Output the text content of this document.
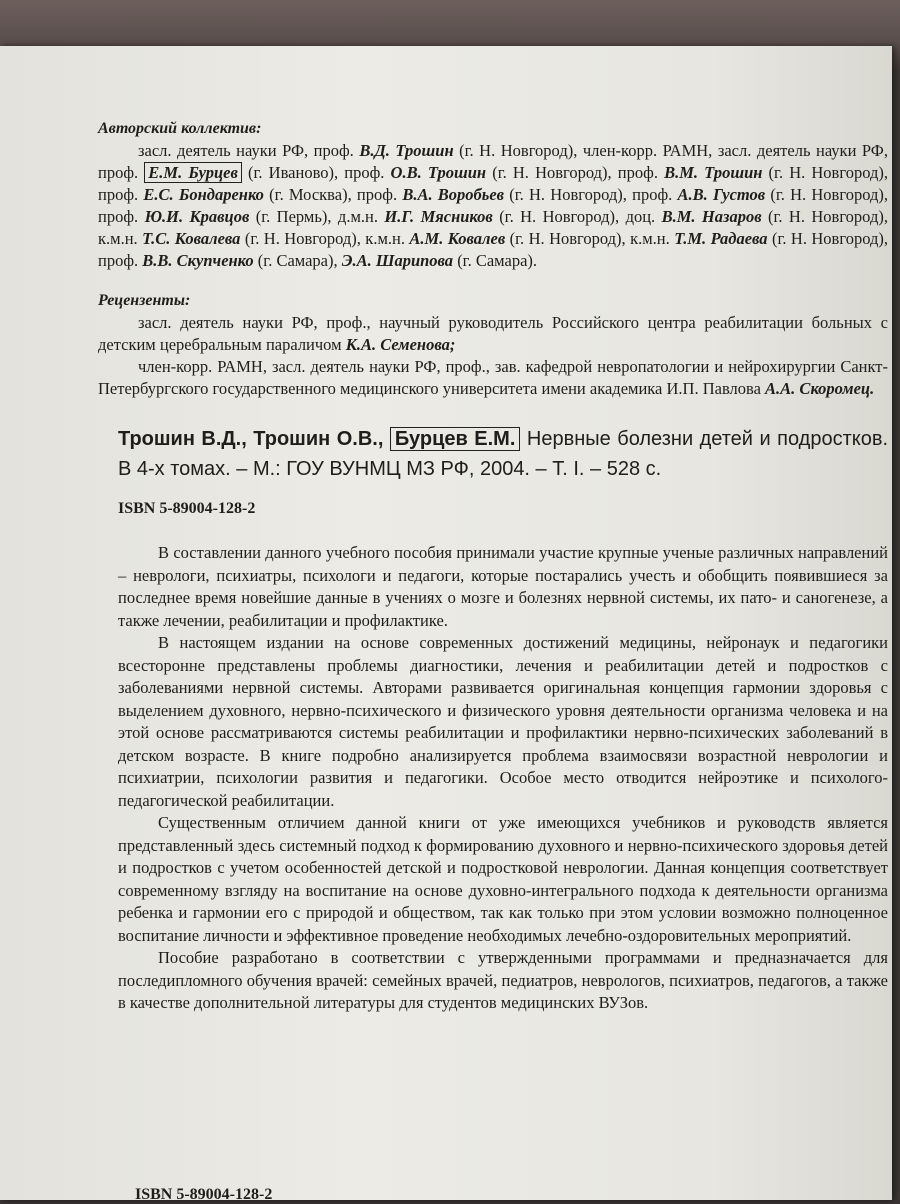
Авторский коллектив:

засл. деятель науки РФ, проф. В.Д. Трошин (г. Н. Новгород), член-корр. РАМН, засл. деятель науки РФ, проф. Е.М. Бурцев (г. Иваново), проф. О.В. Трошин (г. Н. Новгород), проф. В.М. Трошин (г. Н. Новгород), проф. Е.С. Бондаренко (г. Москва), проф. В.А. Воробьев (г. Н. Новгород), проф. А.В. Густов (г. Н. Новгород), проф. Ю.И. Кравцов (г. Пермь), д.м.н. И.Г. Мясников (г. Н. Новгород), доц. В.М. Назаров (г. Н. Новгород), к.м.н. Т.С. Ковалева (г. Н. Новгород), к.м.н. А.М. Ковалев (г. Н. Новгород), к.м.н. Т.М. Радаева (г. Н. Новгород), проф. В.В. Скупченко (г. Самара), Э.А. Шарипова (г. Самара).

Рецензенты:

засл. деятель науки РФ, проф., научный руководитель Российского центра реабилитации больных с детским церебральным параличом К.А. Семенова;

член-корр. РАМН, засл. деятель науки РФ, проф., зав. кафедрой невропатологии и нейрохирургии Санкт-Петербургского государственного медицинского университета имени академика И.П. Павлова А.А. Скоромец.

Трошин В.Д., Трошин О.В., Бурцев Е.М. Нервные болезни детей и подростков. В 4-х томах. – М.: ГОУ ВУНМЦ МЗ РФ, 2004. – Т. I. – 528 с.

ISBN 5-89004-128-2

В составлении данного учебного пособия принимали участие крупные ученые различных направлений – неврологи, психиатры, психологи и педагоги, которые постарались учесть и обобщить появившиеся за последнее время новейшие данные в учениях о мозге и болезнях нервной системы, их пато- и саногенезе, а также лечении, реабилитации и профилактике.

В настоящем издании на основе современных достижений медицины, нейронаук и педагогики всесторонне представлены проблемы диагностики, лечения и реабилитации детей и подростков с заболеваниями нервной системы. Авторами развивается оригинальная концепция гармонии здоровья с выделением духовного, нервно-психического и физического уровня деятельности организма человека и на этой основе рассматриваются системы реабилитации и профилактики нервно-психических заболеваний в детском возрасте. В книге подробно анализируется проблема взаимосвязи возрастной неврологии и психиатрии, психологии развития и педагогики. Особое место отводится нейроэтике и психолого-педагогической реабилитации.

Существенным отличием данной книги от уже имеющихся учебников и руководств является представленный здесь системный подход к формированию духовного и нервно-психического здоровья детей и подростков с учетом особенностей детской и подростковой неврологии. Данная концепция соответствует современному взгляду на воспитание на основе духовно-интегрального подхода к деятельности организма ребенка и гармонии его с природой и обществом, так как только при этом условии возможно полноценное воспитание личности и эффективное проведение необходимых лечебно-оздоровительных мероприятий.

Пособие разработано в соответствии с утвержденными программами и предназначается для последипломного обучения врачей: семейных врачей, педиатров, неврологов, психиатров, педагогов, а также в качестве дополнительной литературы для студентов медицинских ВУЗов.

ISBN 5-89004-128-2
